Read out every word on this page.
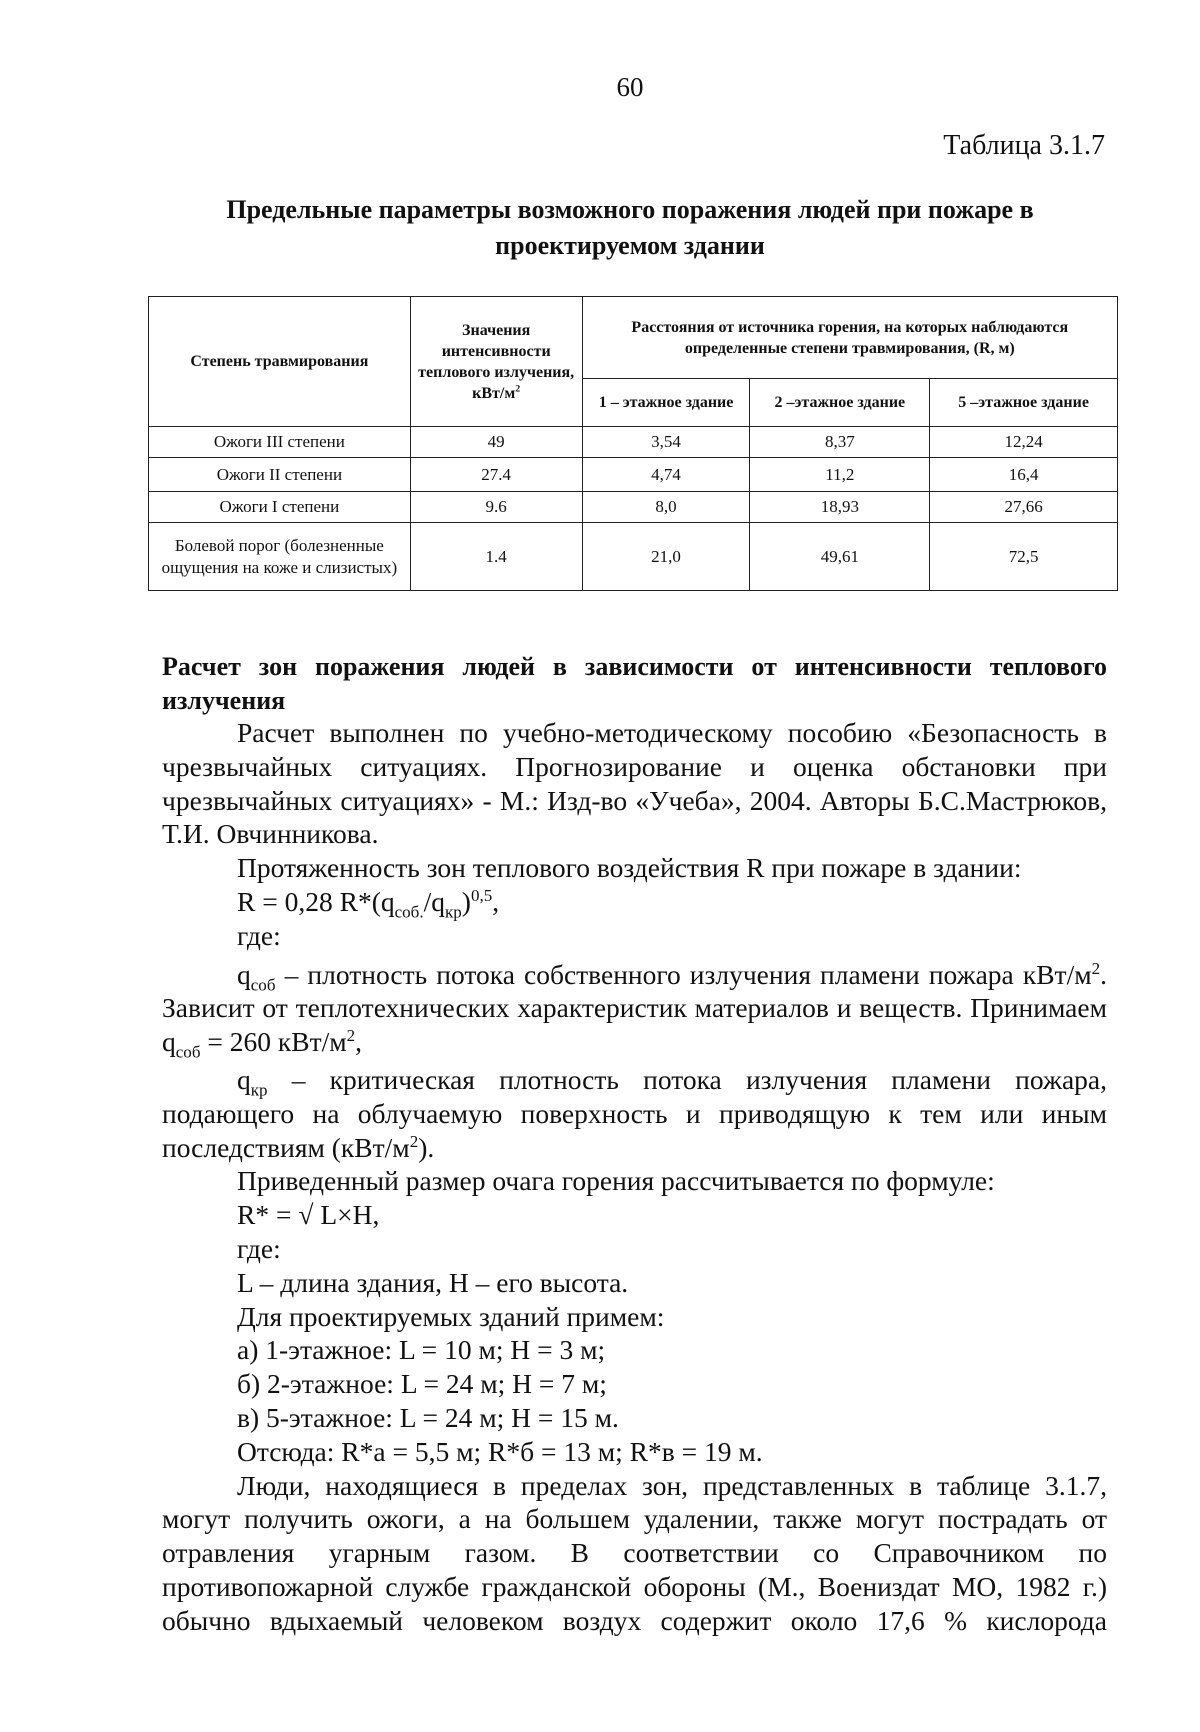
60
Таблица 3.1.7
Предельные параметры возможного поражения людей при пожаре в
проектируемом здании
Степень травмирования	Значения интенсивности теплового излучения, кВт/$м^2$	Расстояния от источника горения, на которых наблюдаются определенные степени травмирования, (R, м)		
		1 – этажное здание	2 –этажное здание	5 –этажное здание
Ожоги III степени	49	3,54	8,37	12,24
Ожоги II степени	27.4	4,74	11,2	16,4
Ожоги I степени	9.6	8,0	18,93	27,66
Болевой порог (болезненные ощущения на коже и слизистых)	1.4	21,0	49,61	72,5
Расчет зон поражения людей в зависимости от интенсивности теплового излучения

Расчет выполнен по учебно-методическому пособию «Безопасность в чрезвычайных ситуациях. Прогнозирование и оценка обстановки при чрезвычайных ситуациях» - М.: Изд-во «Учеба», 2004. Авторы Б.С.Мастрюков, Т.И. Овчинникова.

Протяженность зон теплового воздействия R при пожаре в здании:

R = 0,28 $R*(q_{соб.}/q_{кр})^{0,5}$,

где:

$q_{соб}$ – плотность потока собственного излучения пламени пожара кВт/$м^2$. Зависит от теплотехнических характеристик материалов и веществ. Принимаем $q_{соб} = 260$ кВт/$м^2$,

$q_{кр}$ – критическая плотность потока излучения пламени пожара, подающего на облучаемую поверхность и приводящую к тем или иным последствиям $(кВт/м^2)$.

Приведенный размер очага горения рассчитывается по формуле:

R* = √ L×H,

где:

L – длина здания, H – его высота.

Для проектируемых зданий примем:

а) 1-этажное: L = 10 м; H = 3 м;

б) 2-этажное: L = 24 м; H = 7 м;

в) 5-этажное: L = 24 м; H = 15 м.

Отсюда: R*а = 5,5 м; R*б = 13 м; R*в = 19 м.

Люди, находящиеся в пределах зон, представленных в таблице 3.1.7, могут получить ожоги, а на большем удалении, также могут пострадать от отравления угарным газом. В соответствии со Справочником по противопожарной службе гражданской обороны (М., Воениздат МО, 1982 г.) обычно вдыхаемый человеком воздух содержит около 17,6 % кислорода
